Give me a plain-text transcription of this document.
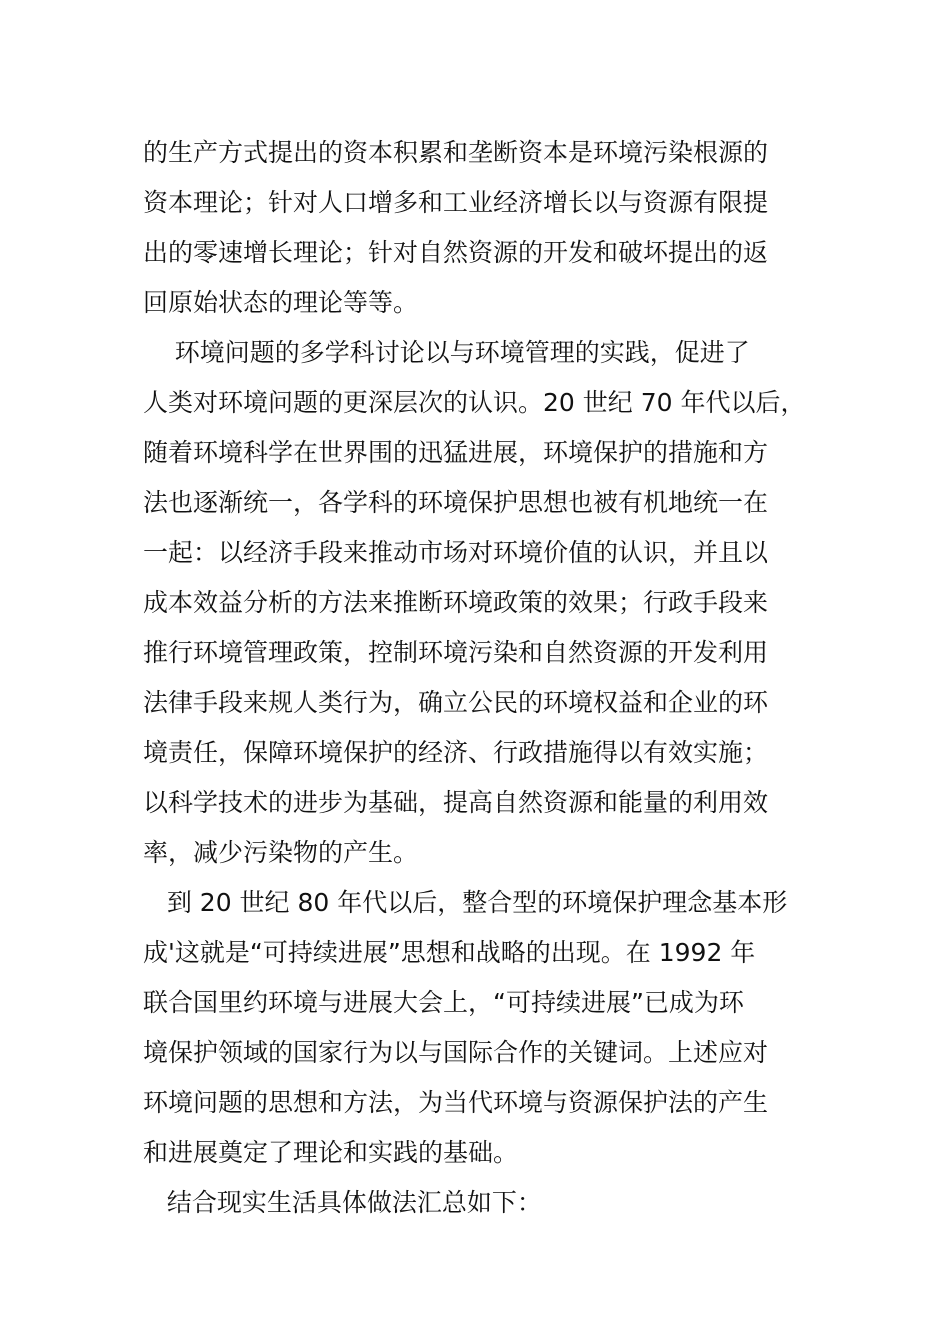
的生产方式提出的资本积累和垄断资本是环境污染根源的
资本理论；针对人口增多和工业经济增长以与资源有限提
出的零速增长理论；针对自然资源的开发和破坏提出的返
回原始状态的理论等等。
环境问题的多学科讨论以与环境管理的实践，促进了
人类对环境问题的更深层次的认识。20 世纪 70 年代以后，
随着环境科学在世界围的迅猛进展，环境保护的措施和方
法也逐渐统一，各学科的环境保护思想也被有机地统一在
一起：以经济手段来推动市场对环境价值的认识，并且以
成本效益分析的方法来推断环境政策的效果；行政手段来
推行环境管理政策，控制环境污染和自然资源的开发利用
法律手段来规人类行为，确立公民的环境权益和企业的环
境责任，保障环境保护的经济、行政措施得以有效实施；
以科学技术的进步为基础，提高自然资源和能量的利用效
率，减少污染物的产生。
到 20 世纪 80 年代以后，整合型的环境保护理念基本形
成'这就是“可持续进展”思想和战略的出现。在 1992 年
联合国里约环境与进展大会上，“可持续进展”已成为环
境保护领域的国家行为以与国际合作的关键词。上述应对
环境问题的思想和方法，为当代环境与资源保护法的产生
和进展奠定了理论和实践的基础。
结合现实生活具体做法汇总如下：
